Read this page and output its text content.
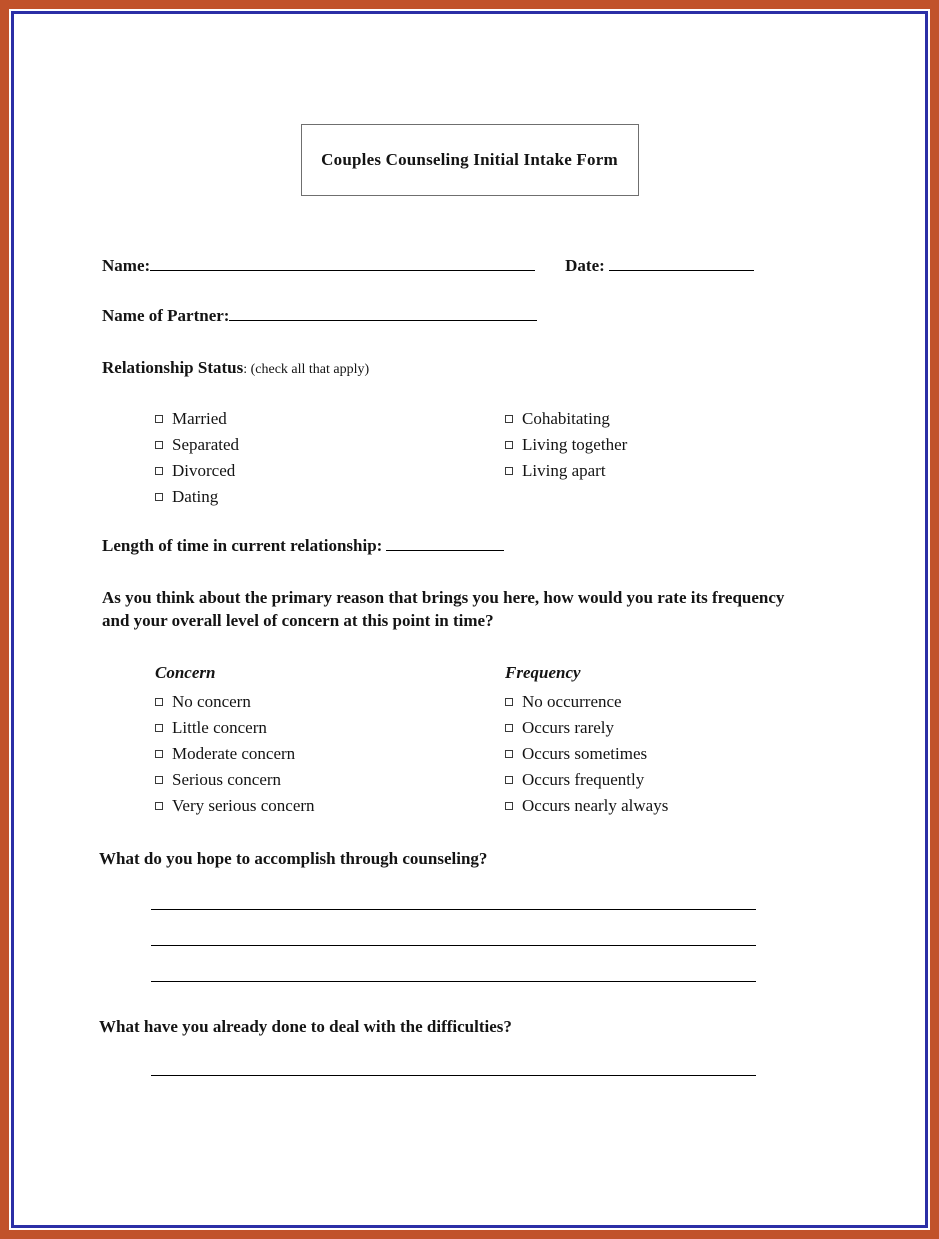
Couples Counseling Initial Intake Form
Name:	Date:
Name of Partner:
Relationship Status: (check all that apply)
Married
Separated
Divorced
Dating
Cohabitating
Living together
Living apart
Length of time in current relationship:

As you think about the primary reason that brings you here, how would you rate its frequency and your overall level of concern at this point in time?

Concern
No concern
Little concern
Moderate concern
Serious concern
Very serious concern
Frequency
No occurrence
Occurs rarely
Occurs sometimes
Occurs frequently
Occurs nearly always
What do you hope to accomplish through counseling?
What have you already done to deal with the difficulties?
